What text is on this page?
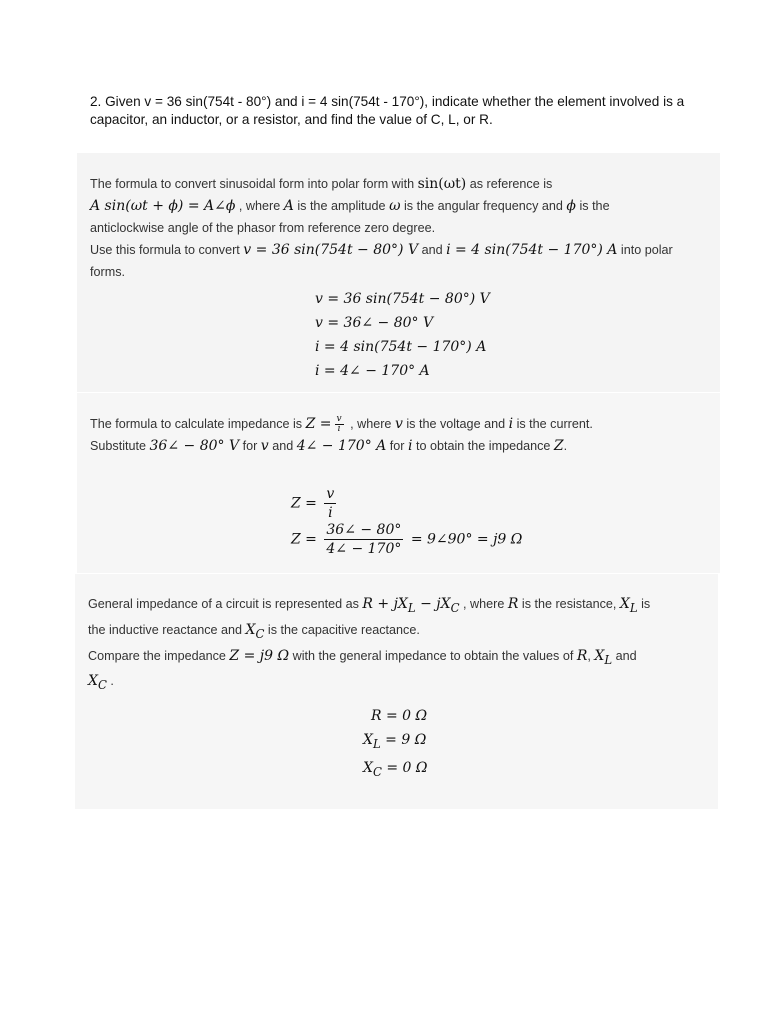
2. Given v = 36 sin(754t - 80°) and i = 4 sin(754t - 170°), indicate whether the element involved is a capacitor, an inductor, or a resistor, and find the value of C, L, or R.
The formula to convert sinusoidal form into polar form with sin(ωt) as reference is
A sin(ωt + ϕ) = A∠ϕ , where A is the amplitude ω is the angular frequency and ϕ is the
anticlockwise angle of the phasor from reference zero degree.
Use this formula to convert v = 36 sin(754t − 80°) V and i = 4 sin(754t − 170°) A into polar forms.
v = 36 sin(754t − 80°) V
v = 36∠ − 80° V
i = 4 sin(754t − 170°) A
i = 4∠ − 170° A
The formula to calculate impedance is $Z = \frac{v}{i}$ , where v is the voltage and i is the current.
Substitute 36∠ − 80° V for v and 4∠ − 170° A for i to obtain the impedance Z.
$Z = \frac{v}{i}$
$Z = \frac{36\angle - 80^\circ}{4\angle - 170^\circ}$ = 9∠90° = j9 Ω
General impedance of a circuit is represented as $R + jX_L - jX_C$ , where R is the resistance, $X_L$ is
the inductive reactance and $X_C$ is the capacitive reactance.
Compare the impedance Z = j9 Ω with the general impedance to obtain the values of R, $X_L$ and
$X_C$ .
R = 0 Ω
$X_L = 9$ Ω
$X_C = 0$ Ω
